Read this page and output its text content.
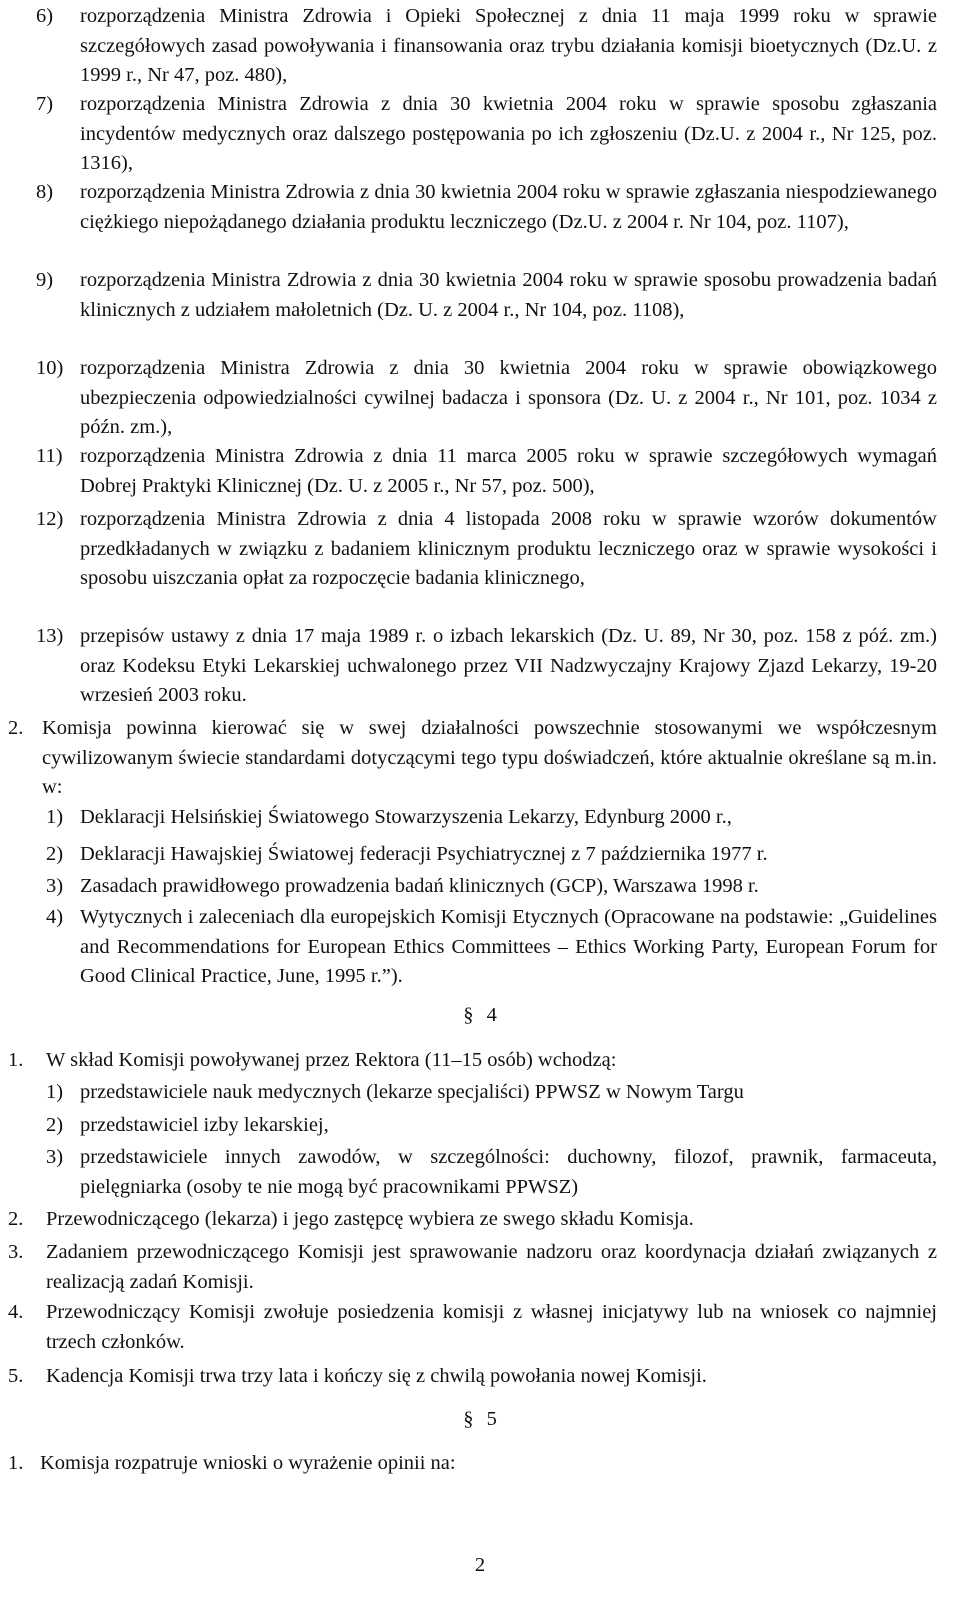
6) rozporządzenia Ministra Zdrowia i Opieki Społecznej z dnia 11 maja 1999 roku w sprawie szczegółowych zasad powoływania i finansowania oraz trybu działania komisji bioetycznych (Dz.U. z 1999 r., Nr 47, poz. 480),
7) rozporządzenia Ministra Zdrowia z dnia 30 kwietnia 2004 roku w sprawie sposobu zgłaszania incydentów medycznych oraz dalszego postępowania po ich zgłoszeniu (Dz.U. z 2004 r., Nr 125, poz. 1316),
8) rozporządzenia Ministra Zdrowia z dnia 30 kwietnia 2004 roku w sprawie zgłaszania niespodziewanego ciężkiego niepożądanego działania produktu leczniczego (Dz.U. z 2004 r. Nr 104, poz. 1107),
9) rozporządzenia Ministra Zdrowia z dnia 30 kwietnia 2004 roku w sprawie sposobu prowadzenia badań klinicznych z udziałem małoletnich (Dz. U. z 2004 r., Nr 104, poz. 1108),
10) rozporządzenia Ministra Zdrowia z dnia 30 kwietnia 2004 roku w sprawie obowiązkowego ubezpieczenia odpowiedzialności cywilnej badacza i sponsora (Dz. U. z 2004 r., Nr 101, poz. 1034 z późn. zm.),
11) rozporządzenia Ministra Zdrowia z dnia 11 marca 2005 roku w sprawie szczegółowych wymagań Dobrej Praktyki Klinicznej (Dz. U. z 2005 r., Nr 57, poz. 500),
12) rozporządzenia Ministra Zdrowia z dnia 4 listopada 2008 roku w sprawie wzorów dokumentów przedkładanych w związku z badaniem klinicznym produktu leczniczego oraz w sprawie wysokości i sposobu uiszczania opłat za rozpoczęcie badania klinicznego,
13) przepisów ustawy z dnia 17 maja 1989 r. o izbach lekarskich (Dz. U. 89, Nr 30, poz. 158 z póź. zm.) oraz Kodeksu Etyki Lekarskiej uchwalonego przez VII Nadzwyczajny Krajowy Zjazd Lekarzy, 19-20 wrzesień 2003 roku.
2. Komisja powinna kierować się w swej działalności powszechnie stosowanymi we współczesnym cywilizowanym świecie standardami dotyczącymi tego typu doświadczeń, które aktualnie określane są m.in. w:
1) Deklaracji Helsińskiej Światowego Stowarzyszenia Lekarzy, Edynburg 2000 r.,
2) Deklaracji Hawajskiej Światowej federacji Psychiatrycznej z 7 października 1977 r.
3) Zasadach prawidłowego prowadzenia badań klinicznych (GCP), Warszawa 1998 r.
4) Wytycznych i zaleceniach dla europejskich Komisji Etycznych (Opracowane na podstawie: „Guidelines and Recommendations for European Ethics Committees – Ethics Working Party, European Forum for Good Clinical Practice, June, 1995 r.”).
§ 4
1. W skład Komisji powoływanej przez Rektora (11–15 osób) wchodzą:
1) przedstawiciele nauk medycznych (lekarze specjaliści) PPWSZ w Nowym Targu
2) przedstawiciel izby lekarskiej,
3) przedstawiciele innych zawodów, w szczególności: duchowny, filozof, prawnik, farmaceuta, pielęgniarka (osoby te nie mogą być pracownikami PPWSZ)
2. Przewodniczącego (lekarza) i jego zastępcę wybiera ze swego składu Komisja.
3. Zadaniem przewodniczącego Komisji jest sprawowanie nadzoru oraz koordynacja działań związanych z realizacją zadań Komisji.
4. Przewodniczący Komisji zwołuje posiedzenia komisji z własnej inicjatywy lub na wniosek co najmniej trzech członków.
5. Kadencja Komisji trwa trzy lata i kończy się z chwilą powołania nowej Komisji.
§ 5
1. Komisja rozpatruje wnioski o wyrażenie opinii na:
2
